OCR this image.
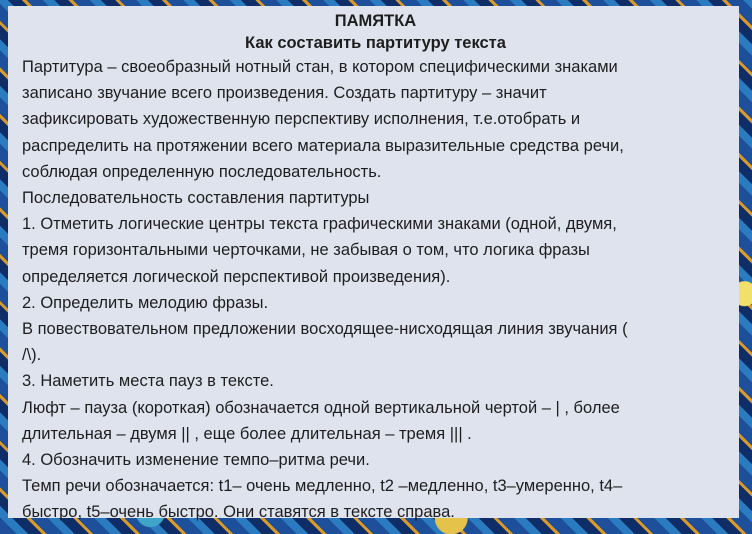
ПАМЯТКА
Как составить партитуру текста
Партитура – своеобразный нотный стан, в котором специфическими знаками
записано звучание всего произведения. Создать партитуру – значит
зафиксировать художественную перспективу исполнения, т.е.отобрать и
распределить на протяжении всего материала выразительные средства речи,
соблюдая определенную последовательность.
Последовательность составления партитуры
1. Отметить логические центры текста графическими знаками (одной, двумя,
тремя горизонтальными черточками, не забывая о том, что логика фразы
определяется логической перспективой произведения).
2. Определить мелодию фразы.
В повествовательном предложении восходящее-нисходящая линия звучания (
/\).
3. Наметить места пауз в тексте.
Люфт – пауза (короткая) обозначается одной вертикальной чертой – | , более
длительная – двумя || , еще более длительная – тремя ||| .
4. Обозначить изменение темпо–ритма речи.
Темп речи обозначается: t1– очень медленно, t2 –медленно, t3–умеренно, t4–
быстро, t5–очень быстро. Они ставятся в тексте справа.
